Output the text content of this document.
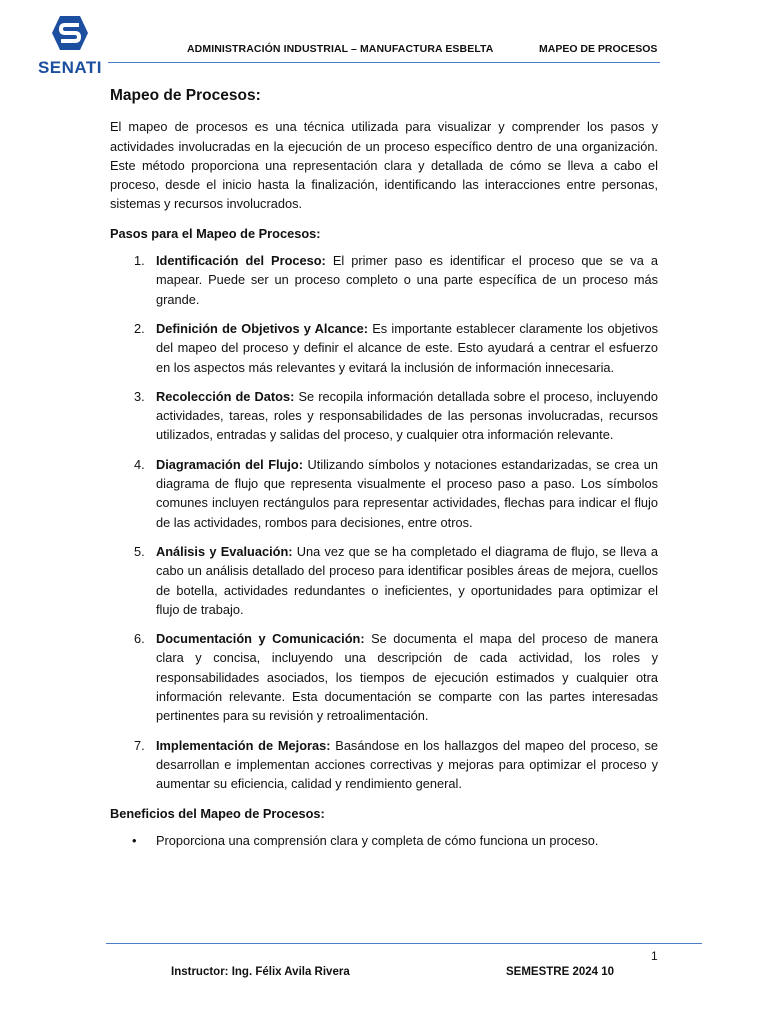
SENATI
ADMINISTRACIÓN INDUSTRIAL – MANUFACTURA ESBELTA	MAPEO DE PROCESOS
Mapeo de Procesos:
El mapeo de procesos es una técnica utilizada para visualizar y comprender los pasos y actividades involucradas en la ejecución de un proceso específico dentro de una organización. Este método proporciona una representación clara y detallada de cómo se lleva a cabo el proceso, desde el inicio hasta la finalización, identificando las interacciones entre personas, sistemas y recursos involucrados.
Pasos para el Mapeo de Procesos:
1. Identificación del Proceso: El primer paso es identificar el proceso que se va a mapear. Puede ser un proceso completo o una parte específica de un proceso más grande.
2. Definición de Objetivos y Alcance: Es importante establecer claramente los objetivos del mapeo del proceso y definir el alcance de este. Esto ayudará a centrar el esfuerzo en los aspectos más relevantes y evitará la inclusión de información innecesaria.
3. Recolección de Datos: Se recopila información detallada sobre el proceso, incluyendo actividades, tareas, roles y responsabilidades de las personas involucradas, recursos utilizados, entradas y salidas del proceso, y cualquier otra información relevante.
4. Diagramación del Flujo: Utilizando símbolos y notaciones estandarizadas, se crea un diagrama de flujo que representa visualmente el proceso paso a paso. Los símbolos comunes incluyen rectángulos para representar actividades, flechas para indicar el flujo de las actividades, rombos para decisiones, entre otros.
5. Análisis y Evaluación: Una vez que se ha completado el diagrama de flujo, se lleva a cabo un análisis detallado del proceso para identificar posibles áreas de mejora, cuellos de botella, actividades redundantes o ineficientes, y oportunidades para optimizar el flujo de trabajo.
6. Documentación y Comunicación: Se documenta el mapa del proceso de manera clara y concisa, incluyendo una descripción de cada actividad, los roles y responsabilidades asociados, los tiempos de ejecución estimados y cualquier otra información relevante. Esta documentación se comparte con las partes interesadas pertinentes para su revisión y retroalimentación.
7. Implementación de Mejoras: Basándose en los hallazgos del mapeo del proceso, se desarrollan e implementan acciones correctivas y mejoras para optimizar el proceso y aumentar su eficiencia, calidad y rendimiento general.
Beneficios del Mapeo de Procesos:
• Proporciona una comprensión clara y completa de cómo funciona un proceso.
1
Instructor: Ing. Félix Avila Rivera	SEMESTRE 2024 10
